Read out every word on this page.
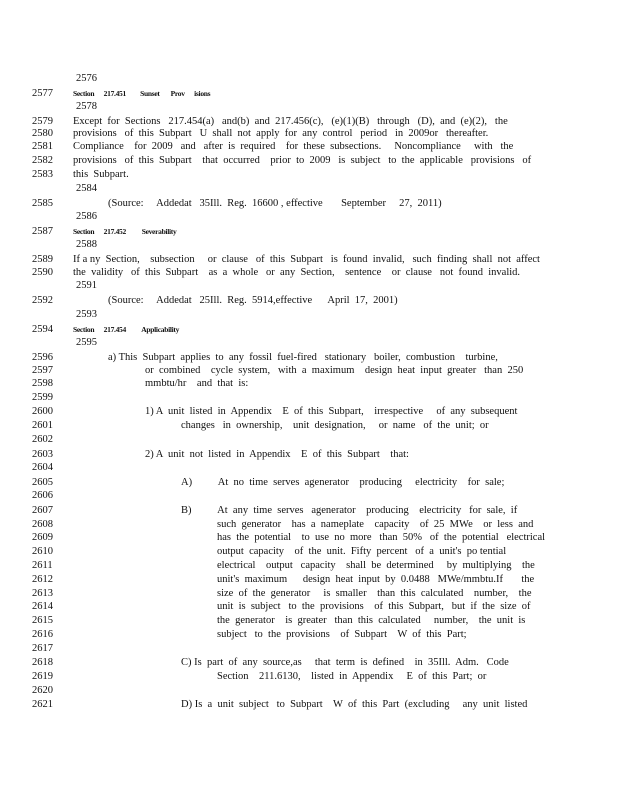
2576
2577	Section      217.451         Sunset       Prov      isions
2578
2579 Except  for  Sections   217.454(a)   and(b)  and  217.456(c),   (e)(1)(B)   through   (D),  and  (e)(2),   the
2580 provisions   of  this  Subpart   U  shall  not  apply  for  any  control   period   in  2009or   thereafter.
2581 Compliance    for  2009   and   after  is  required    for  these  subsections.     Noncompliance     with   the
2582 provisions   of  this  Subpart    that  occurred    prior  to  2009   is  subject   to  the  applicable   provisions   of
2583 this  Subpart.
2584
2585	(Source:     Addedat   35Ill.  Reg.  16600 , effective       September     27,  2011)
2586
2587	Section      217.452          Severability
2588
2589 If a ny  Section,    subsection     or  clause   of  this  Subpart   is  found  invalid,   such  finding  shall  not  affect
2590 the  validity   of  this  Subpart    as  a  whole   or  any  Section,    sentence    or  clause   not  found  invalid.
2591
2592	(Source:     Addedat   25Ill.  Reg.  5914,effective      April  17,  2001)
2593
2594	Section      217.454          Applicability
2595
2596	a) This  Subpart  applies  to  any  fossil  fuel-fired   stationary   boiler,  combustion    turbine,
2597	or  combined    cycle  system,   with  a  maximum    design  heat  input  greater   than  250
2598	mmbtu/hr    and  that  is:
2599
2600	1) A  unit  listed  in  Appendix    E  of  this  Subpart,    irrespective     of  any  subsequent
2601	changes   in  ownership,    unit  designation,     or  name   of  the  unit;  or
2602
2603	2) A  unit  not  listed  in  Appendix    E  of  this  Subpart    that:
2604
2605	A)          At  no  time  serves  agenerator    producing     electricity    for  sale;
2606
2607	B)          At  any  time  serves   agenerator    producing    electricity   for  sale,  if
2608	such  generator    has  a  nameplate    capacity    of  25  MWe    or  less  and
2609	has  the  potential    to  use  no  more   than  50%   of  the  potential   electrical
2610	output  capacity    of  the  unit.  Fifty  percent   of  a  unit's  po tential
2611	electrical    output   capacity    shall  be  determined     by  multiplying    the
2612	unit's  maximum      design  heat  input  by  0.0488   MWe/mmbtu.If       the
2613	size  of  the  generator     is  smaller    than  this  calculated    number,    the
2614	unit  is  subject   to  the  provisions    of  this  Subpart,   but  if  the  size  of
2615	the  generator    is  greater   than  this  calculated     number,    the  unit  is
2616	subject   to  the  provisions    of  Subpart    W  of  this  Part;
2617
2618	C) Is  part  of  any  source,as     that  term  is  defined    in  35Ill.  Adm.   Code
2619	Section    211.6130,    listed  in  Appendix     E  of  this  Part;  or
2620
2621	D) Is  a  unit  subject   to  Subpart    W  of  this  Part  (excluding     any  unit  listed
